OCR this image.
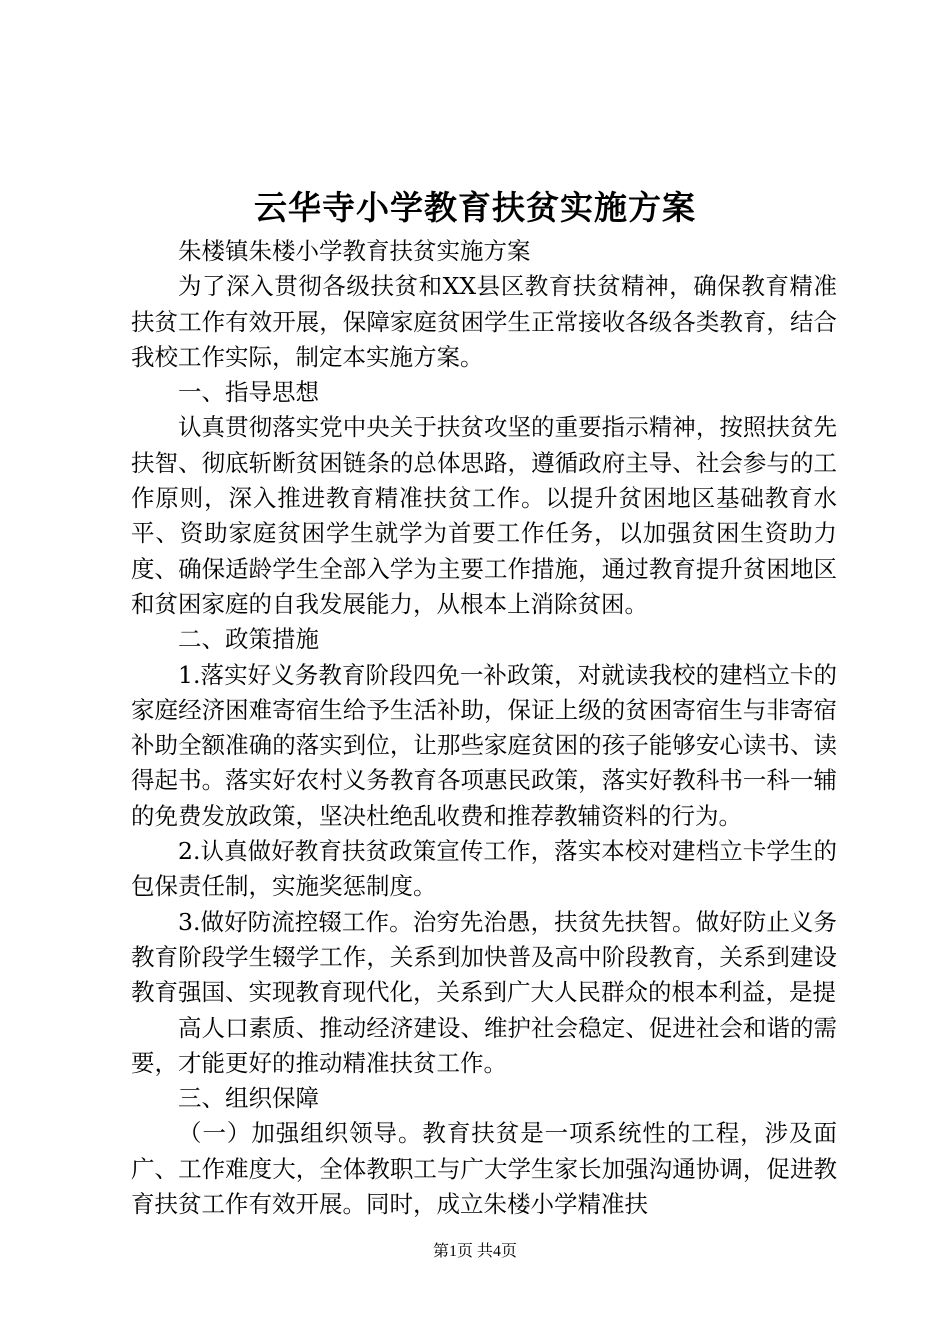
云华寺小学教育扶贫实施方案

朱楼镇朱楼小学教育扶贫实施方案

为了深入贯彻各级扶贫和XX县区教育扶贫精神，确保教育精准扶贫工作有效开展，保障家庭贫困学生正常接收各级各类教育，结合我校工作实际，制定本实施方案。

一、指导思想

认真贯彻落实党中央关于扶贫攻坚的重要指示精神，按照扶贫先扶智、彻底斩断贫困链条的总体思路，遵循政府主导、社会参与的工作原则，深入推进教育精准扶贫工作。以提升贫困地区基础教育水平、资助家庭贫困学生就学为首要工作任务，以加强贫困生资助力度、确保适龄学生全部入学为主要工作措施，通过教育提升贫困地区和贫困家庭的自我发展能力，从根本上消除贫困。

二、政策措施

1.落实好义务教育阶段四免一补政策，对就读我校的建档立卡的家庭经济困难寄宿生给予生活补助，保证上级的贫困寄宿生与非寄宿补助全额准确的落实到位，让那些家庭贫困的孩子能够安心读书、读得起书。落实好农村义务教育各项惠民政策，落实好教科书一科一辅的免费发放政策，坚决杜绝乱收费和推荐教辅资料的行为。

2.认真做好教育扶贫政策宣传工作，落实本校对建档立卡学生的包保责任制，实施奖惩制度。

3.做好防流控辍工作。治穷先治愚，扶贫先扶智。做好防止义务教育阶段学生辍学工作，关系到加快普及高中阶段教育，关系到建设教育强国、实现教育现代化，关系到广大人民群众的根本利益，是提

高人口素质、推动经济建设、维护社会稳定、促进社会和谐的需要，才能更好的推动精准扶贫工作。

三、组织保障

（一）加强组织领导。教育扶贫是一项系统性的工程，涉及面广、工作难度大，全体教职工与广大学生家长加强沟通协调，促进教育扶贫工作有效开展。同时，成立朱楼小学精准扶

第1页 共4页
